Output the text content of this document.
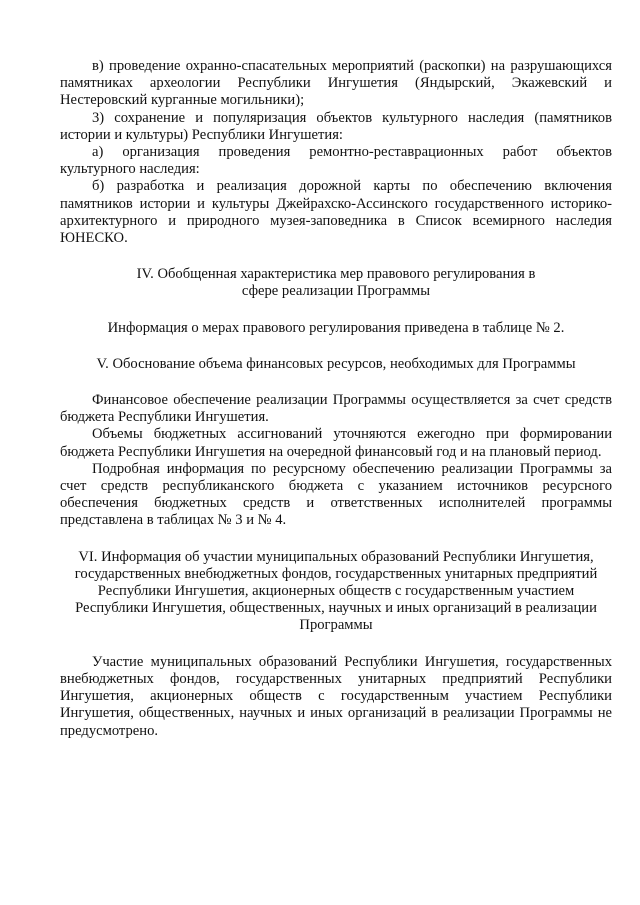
в) проведение охранно-спасательных мероприятий (раскопки) на разрушающихся памятниках археологии Республики Ингушетия (Яндырский, Экажевский и Нестеровский курганные могильники);

3) сохранение и популяризация объектов культурного наследия (памятников истории и культуры) Республики Ингушетия:

а) организация проведения ремонтно-реставрационных работ объектов культурного наследия:

б) разработка и реализация дорожной карты по обеспечению включения памятников истории и культуры Джейрахско-Ассинского государственного историко-архитектурного и природного музея-заповедника в Список всемирного наследия ЮНЕСКО.

IV. Обобщенная характеристика мер правового регулирования в сфере реализации Программы

Информация о мерах правового регулирования приведена в таблице № 2.

V. Обоснование объема финансовых ресурсов, необходимых для Программы

Финансовое обеспечение реализации Программы осуществляется за счет средств бюджета Республики Ингушетия.

Объемы бюджетных ассигнований уточняются ежегодно при формировании бюджета Республики Ингушетия на очередной финансовый год и на плановый период.

Подробная информация по ресурсному обеспечению реализации Программы за счет средств республиканского бюджета с указанием источников ресурсного обеспечения бюджетных средств и ответственных исполнителей программы представлена в таблицах № 3 и № 4.

VI. Информация об участии муниципальных образований Республики Ингушетия, государственных внебюджетных фондов, государственных унитарных предприятий Республики Ингушетия, акционерных обществ с государственным участием Республики Ингушетия, общественных, научных и иных организаций в реализации Программы

Участие муниципальных образований Республики Ингушетия, государственных внебюджетных фондов, государственных унитарных предприятий Республики Ингушетия, акционерных обществ с государственным участием Республики Ингушетия, общественных, научных и иных организаций в реализации Программы не предусмотрено.
